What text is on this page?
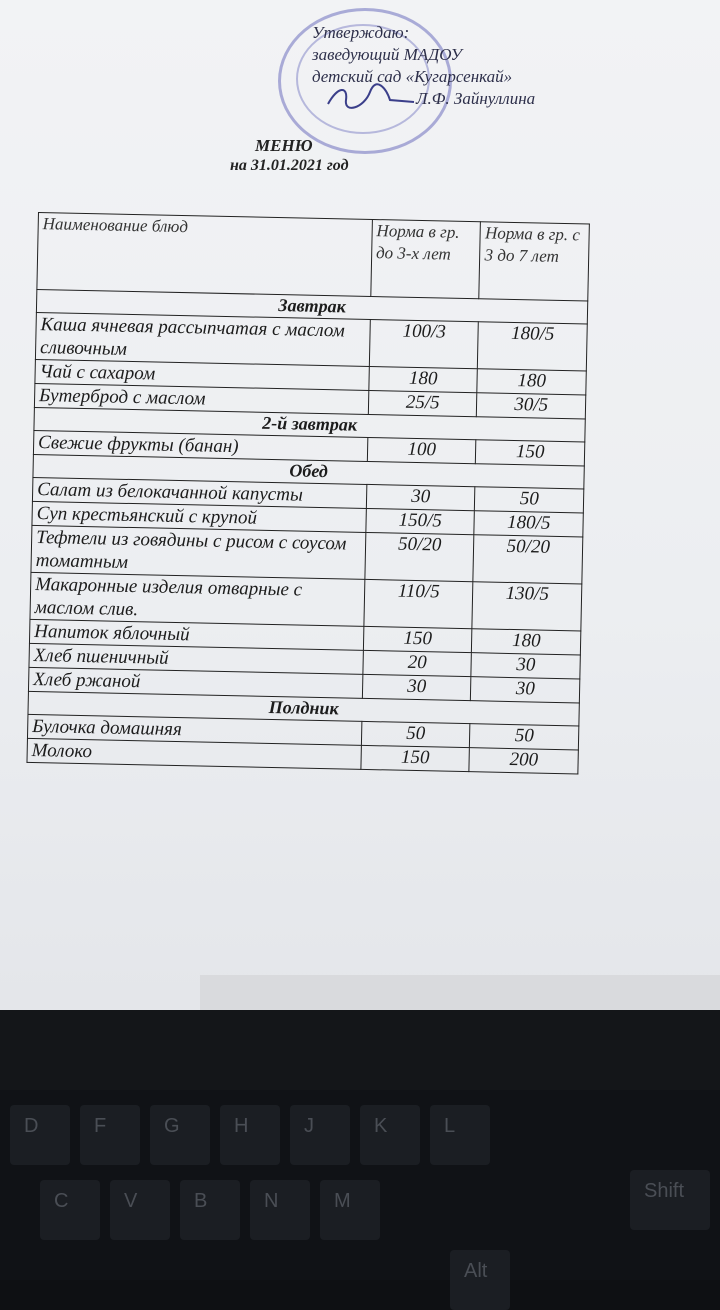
Утверждаю:
заведующий МАДОУ
детский сад «Кугарсенкай»
Л.Ф. Зайнуллина
МЕНЮ
на 31.01.2021 год
Наименование блюд	Норма в гр. до 3-х лет	Норма в гр. с 3 до 7 лет
Завтрак		
Каша ячневая рассыпчатая с маслом сливочным	100/3	180/5
Чай с сахаром	180	180
Бутерброд с маслом	25/5	30/5
2-й завтрак		
Свежие фрукты (банан)	100	150
Обед		
Салат из белокачанной капусты	30	50
Суп крестьянский с крупой	150/5	180/5
Тефтели из говядины с рисом с соусом томатным	50/20	50/20
Макаронные изделия отварные с маслом слив.	110/5	130/5
Напиток яблочный	150	180
Хлеб пшеничный	20	30
Хлеб ржаной	30	30
Полдник		
Булочка домашняя	50	50
Молоко	150	200
D	F	G	H	J	K	L
C	V	B	N	M	Shift
Alt
